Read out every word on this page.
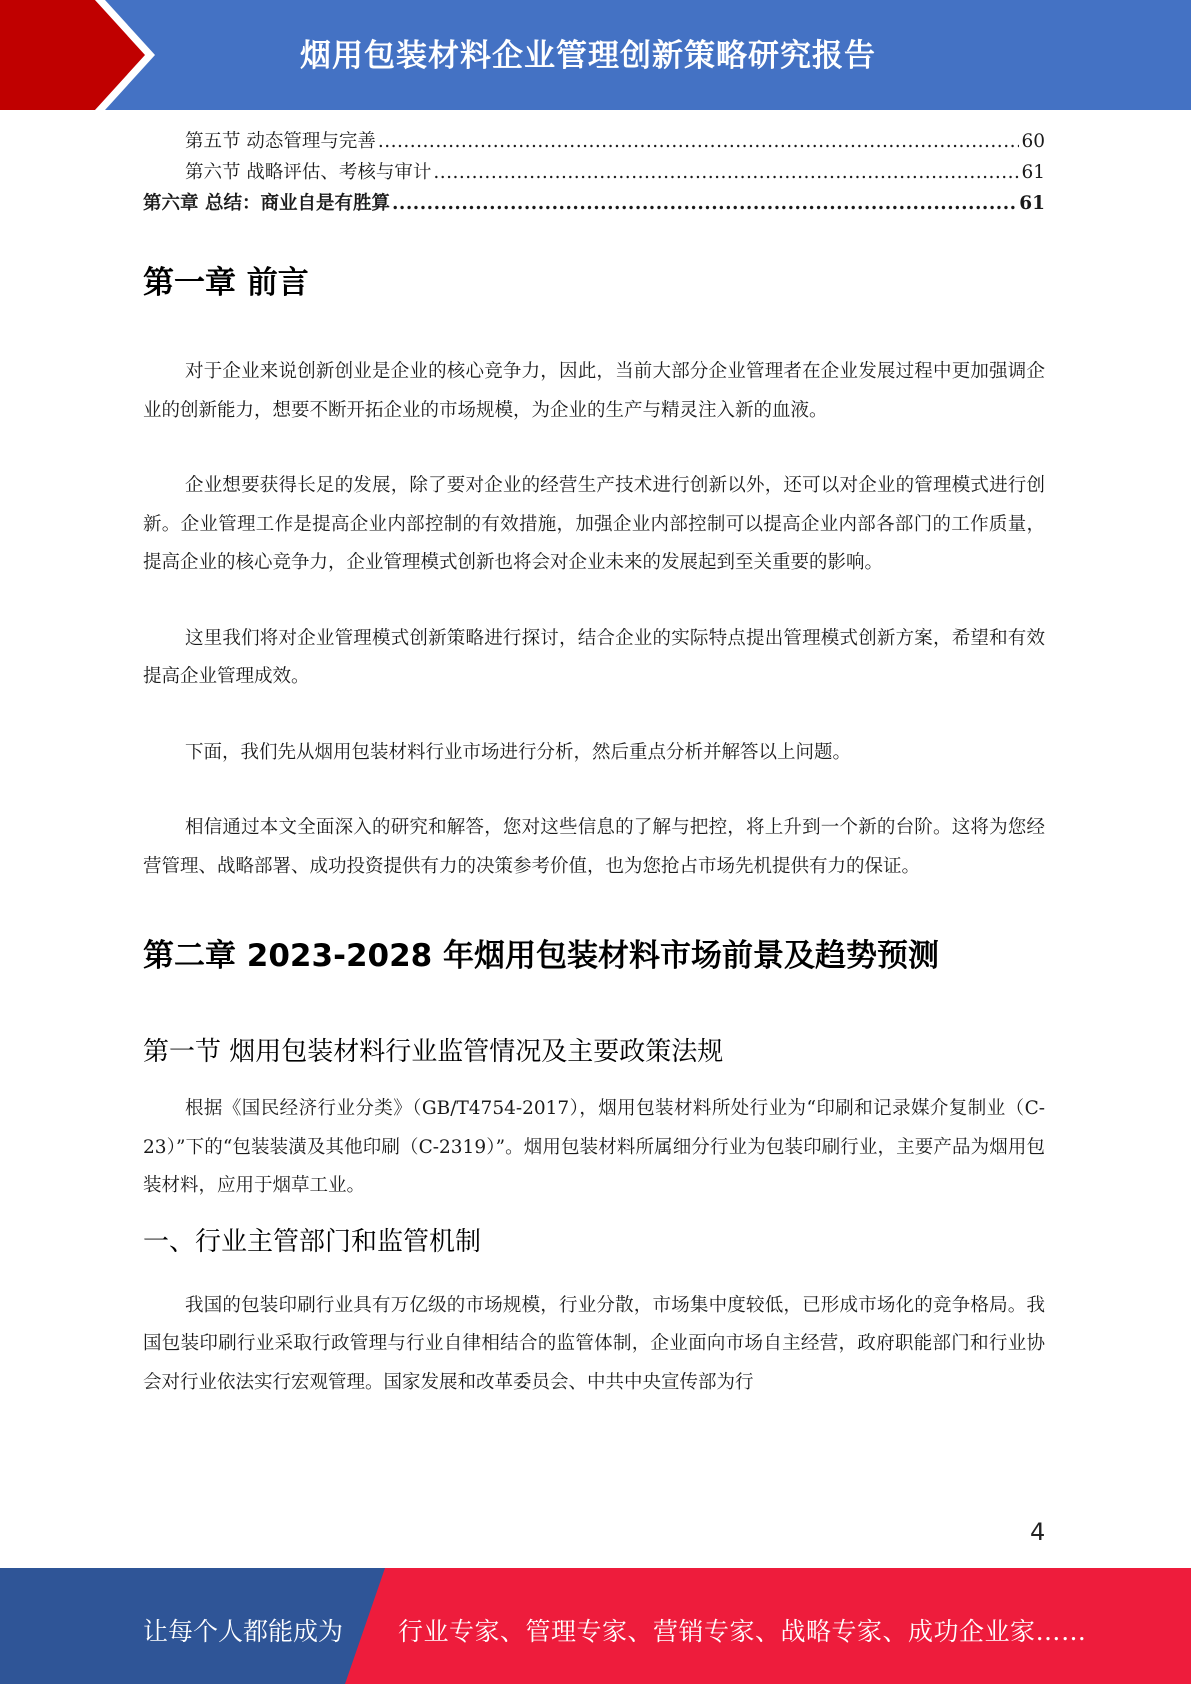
烟用包装材料企业管理创新策略研究报告
第五节 动态管理与完善 .....	60
第六节 战略评估、考核与审计 .....	61
第六章 总结：商业自是有胜算 .....	61
第一章 前言

对于企业来说创新创业是企业的核心竞争力，因此，当前大部分企业管理者在企业发展过程中更加强调企业的创新能力，想要不断开拓企业的市场规模，为企业的生产与精灵注入新的血液。

企业想要获得长足的发展，除了要对企业的经营生产技术进行创新以外，还可以对企业的管理模式进行创新。企业管理工作是提高企业内部控制的有效措施，加强企业内部控制可以提高企业内部各部门的工作质量，提高企业的核心竞争力，企业管理模式创新也将会对企业未来的发展起到至关重要的影响。

这里我们将对企业管理模式创新策略进行探讨，结合企业的实际特点提出管理模式创新方案，希望和有效提高企业管理成效。

下面，我们先从烟用包装材料行业市场进行分析，然后重点分析并解答以上问题。

相信通过本文全面深入的研究和解答，您对这些信息的了解与把控，将上升到一个新的台阶。这将为您经营管理、战略部署、成功投资提供有力的决策参考价值，也为您抢占市场先机提供有力的保证。

第二章 2023-2028 年烟用包装材料市场前景及趋势预测
第一节 烟用包装材料行业监管情况及主要政策法规

根据《国民经济行业分类》（GB/T4754-2017），烟用包装材料所处行业为“印刷和记录媒介复制业（C-23）”下的“包装装潢及其他印刷（C-2319）”。烟用包装材料所属细分行业为包装印刷行业，主要产品为烟用包装材料，应用于烟草工业。

一、行业主管部门和监管机制

我国的包装印刷行业具有万亿级的市场规模，行业分散，市场集中度较低，已形成市场化的竞争格局。我国包装印刷行业采取行政管理与行业自律相结合的监管体制，企业面向市场自主经营，政府职能部门和行业协会对行业依法实行宏观管理。国家发展和改革委员会、中共中央宣传部为行

4
让每个人都能成为 行业专家、管理专家、营销专家、战略专家、成功企业家……
